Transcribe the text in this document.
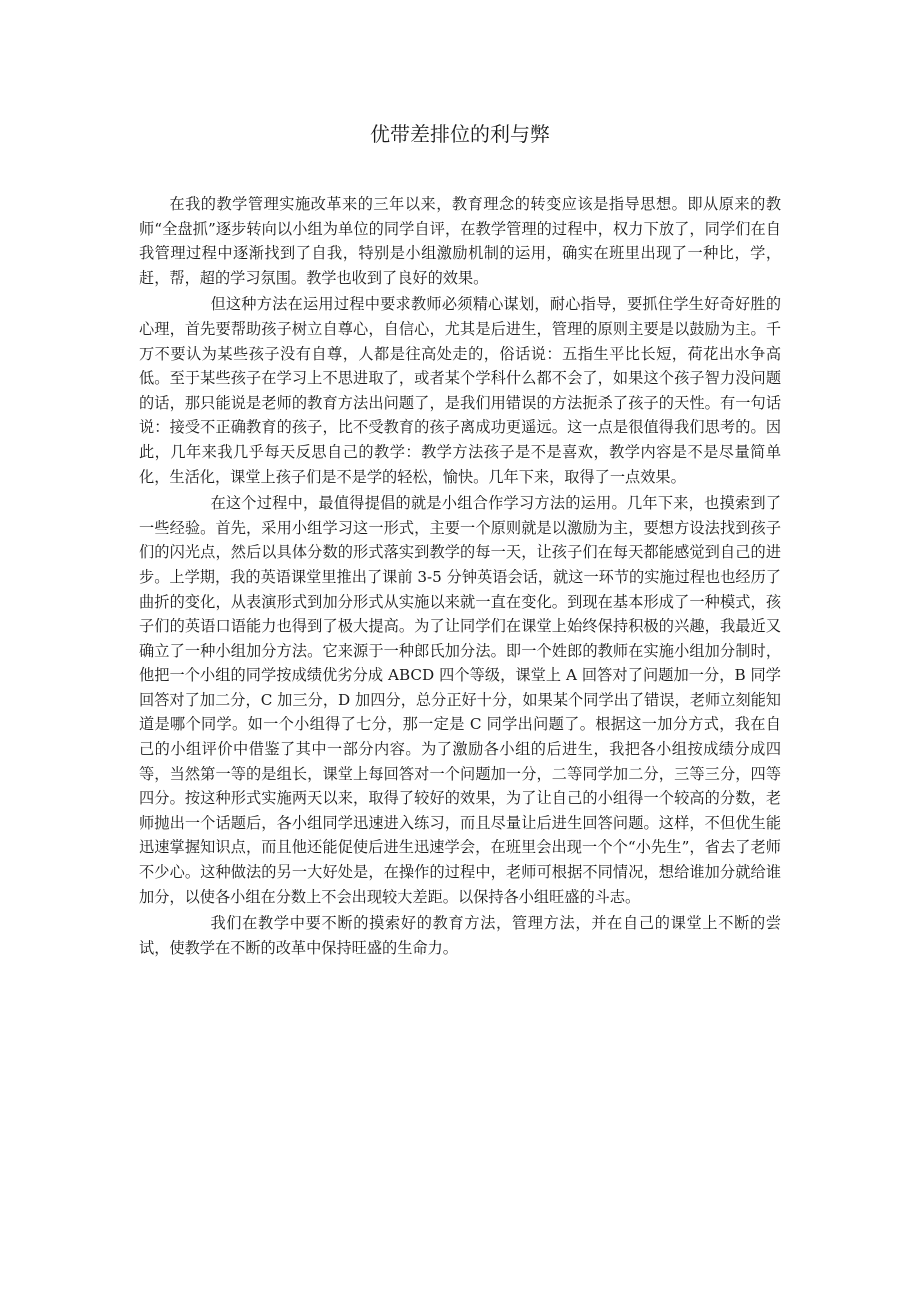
优带差排位的利与弊

在我的教学管理实施改革来的三年以来，教育理念的转变应该是指导思想。即从原来的教师“全盘抓”逐步转向以小组为单位的同学自评，在教学管理的过程中，权力下放了，同学们在自我管理过程中逐渐找到了自我，特别是小组激励机制的运用，确实在班里出现了一种比，学，赶，帮，超的学习氛围。教学也收到了良好的效果。

但这种方法在运用过程中要求教师必须精心谋划，耐心指导，要抓住学生好奇好胜的心理，首先要帮助孩子树立自尊心，自信心，尤其是后进生，管理的原则主要是以鼓励为主。千万不要认为某些孩子没有自尊，人都是往高处走的，俗话说：五指生平比长短，荷花出水争高低。至于某些孩子在学习上不思进取了，或者某个学科什么都不会了，如果这个孩子智力没问题的话，那只能说是老师的教育方法出问题了，是我们用错误的方法扼杀了孩子的天性。有一句话说：接受不正确教育的孩子，比不受教育的孩子离成功更遥远。这一点是很值得我们思考的。因此，几年来我几乎每天反思自己的教学：教学方法孩子是不是喜欢，教学内容是不是尽量简单化，生活化，课堂上孩子们是不是学的轻松，愉快。几年下来，取得了一点效果。

在这个过程中，最值得提倡的就是小组合作学习方法的运用。几年下来，也摸索到了一些经验。首先，采用小组学习这一形式，主要一个原则就是以激励为主，要想方设法找到孩子们的闪光点，然后以具体分数的形式落实到教学的每一天，让孩子们在每天都能感觉到自己的进步。上学期，我的英语课堂里推出了课前 3-5 分钟英语会话，就这一环节的实施过程也也经历了曲折的变化，从表演形式到加分形式从实施以来就一直在变化。到现在基本形成了一种模式，孩子们的英语口语能力也得到了极大提高。为了让同学们在课堂上始终保持积极的兴趣，我最近又确立了一种小组加分方法。它来源于一种郎氏加分法。即一个姓郎的教师在实施小组加分制时，他把一个小组的同学按成绩优劣分成 ABCD 四个等级，课堂上 A 回答对了问题加一分，B 同学回答对了加二分，C 加三分，D 加四分，总分正好十分，如果某个同学出了错误，老师立刻能知道是哪个同学。如一个小组得了七分，那一定是 C 同学出问题了。根据这一加分方式，我在自己的小组评价中借鉴了其中一部分内容。为了激励各小组的后进生，我把各小组按成绩分成四等，当然第一等的是组长，课堂上每回答对一个问题加一分，二等同学加二分，三等三分，四等四分。按这种形式实施两天以来，取得了较好的效果，为了让自己的小组得一个较高的分数，老师抛出一个话题后，各小组同学迅速进入练习，而且尽量让后进生回答问题。这样，不但优生能迅速掌握知识点，而且他还能促使后进生迅速学会，在班里会出现一个个“小先生”，省去了老师不少心。这种做法的另一大好处是，在操作的过程中，老师可根据不同情况，想给谁加分就给谁加分，以使各小组在分数上不会出现较大差距。以保持各小组旺盛的斗志。

我们在教学中要不断的摸索好的教育方法，管理方法，并在自己的课堂上不断的尝试，使教学在不断的改革中保持旺盛的生命力。
